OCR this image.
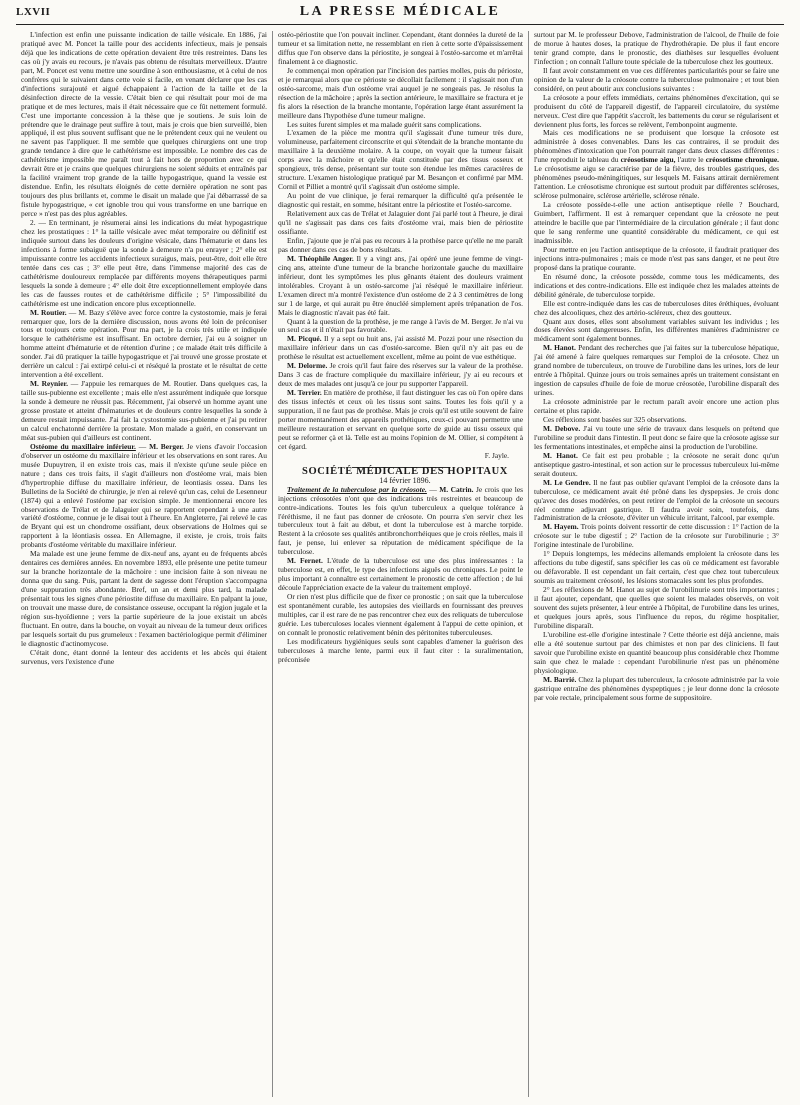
LXVII	LA PRESSE MÉDICALE

L'infection est enfin une puissante indication de taille vésicale. En 1886, j'ai pratiqué avec M. Poncet la taille pour des accidents infectieux, mais je pensais déjà que les indications de cette opération devaient être très restreintes. Dans les cas où j'y avais eu recours, je n'avais pas obtenu de résultats merveilleux. D'autre part, M. Poncet est venu mettre une sourdine à son enthousiasme, et à celui de nos confrères qui le suivaient dans cette voie si facile, en venant déclarer que les cas d'infections surajouté et aigué échappaient à l'action de la taille et de la désinfection directe de la vessie. C'était bien ce qui résultait pour moi de ma pratique et de mes lectures, mais il était nécessaire que ce fût nettement formulé. C'est une importante concession à la thèse que je soutiens. Je suis loin de prétendre que le drainage peut suffire à tout, mais je crois que bien surveillé, bien appliqué, il est plus souvent suffisant que ne le prétendent ceux qui ne veulent ou ne savent pas l'appliquer. Il me semble que quelques chirurgiens ont une trop grande tendance à dire que le cathétérisme est impossible. Le nombre des cas de cathétérisme impossible me paraît tout à fait hors de proportion avec ce qui devrait être et je crains que quelques chirurgiens ne soient séduits et entraînés par la facilité vraiment trop grande de la taille hypogastrique, quand la vessie est distendue. Enfin, les résultats éloignés de cette dernière opération ne sont pas toujours des plus brillants et, comme le disait un malade que j'ai débarrassé de sa fistule hypogastrique, « cet ignoble trou qui vous transforme en une barrique en perce » n'est pas des plus agréables.

2. — En terminant, je résumerai ainsi les indications du méat hypogastrique chez les prostatiques : 1° la taille vésicale avec méat temporaire ou définitif est indiquée surtout dans les douleurs d'origine vésicale, dans l'hématurie et dans les infections à forme subaiguë que la sonde à demeure n'a pu enrayer ; 2° elle est impuissante contre les accidents infectieux suraigus, mais, peut-être, doit elle être tentée dans ces cas ; 3° elle peut être, dans l'immense majorité des cas de cathétérisme douloureux remplacée par différents moyens thérapeutiques parmi lesquels la sonde à demeure ; 4° elle doit être exceptionnellement employée dans les cas de fausses routes et de cathétérisme difficile ; 5° l'impossibilité du cathétérisme est une indication encore plus exceptionnelle.

M. Routier. — M. Bazy s'élève avec force contre la cystostomie, mais je ferai remarquer que, lors de la dernière discussion, nous avons été loin de préconiser tous et toujours cette opération. Pour ma part, je la crois très utile et indiquée lorsque le cathétérisme est insuffisant. En octobre dernier, j'ai eu à soigner un homme atteint d'hématurie et de rétention d'urine ; ce malade était très difficile à sonder. J'ai dû pratiquer la taille hypogastrique et j'ai trouvé une grosse prostate et derrière un calcul : j'ai extirpé celui-ci et réséqué la prostate et le résultat de cette intervention a été excellent.

M. Reynier. — J'appuie les remarques de M. Routier. Dans quelques cas, la taille sus-pubienne est excellente ; mais elle n'est assurément indiquée que lorsque la sonde à demeure ne réussit pas. Récemment, j'ai observé un homme ayant une grosse prostate et atteint d'hématuries et de douleurs contre lesquelles la sonde à demeure restait impuissante. J'ai fait la cystostomie sus-pubienne et j'ai pu retirer un calcul enchatonné derrière la prostate. Mon malade a guéri, en conservant un méat sus-pubien qui d'ailleurs est continent.

Ostéome du maxillaire inférieur. — M. Berger. Je viens d'avoir l'occasion d'observer un ostéome du maxillaire inférieur et les observations en sont rares. Au musée Dupuytren, il en existe trois cas, mais il n'existe qu'une seule pièce en nature ; dans ces trois faits, il s'agit d'ailleurs non d'ostéome vrai, mais bien d'hypertrophie diffuse du maxillaire inférieur, de leontiasis ossea. Dans les Bulletins de la Société de chirurgie, je n'en ai relevé qu'un cas, celui de Lesenneur (1874) qui a enlevé l'ostéome par excision simple. Je mentionnerai encore les observations de Trélat et de Jalaguier qui se rapportent cependant à une autre variété d'ostéome, connue je le disai tout à l'heure. En Angleterre, j'ai relevé le cas de Bryant qui est un chondrome ossifiant, deux observations de Holmes qui se rapportent à la léontiasis ossea. En Allemagne, il existe, je crois, trois faits probants d'ostéome véritable du maxillaire inférieur.

Ma malade est une jeune femme de dix-neuf ans, ayant eu de fréquents abcès dentaires ces dernières années. En novembre 1893, elle présente une petite tumeur sur la branche horizontale de la mâchoire : une incision faite à son niveau ne donna que du sang. Puis, partant la dent de sagesse dont l'éruption s'accompagna d'une suppuration très abondante. Bref, un an et demi plus tard, la malade présentait tous les signes d'une périostite diffuse du maxillaire. En palpant la joue, on trouvait une masse dure, de consistance osseuse, occupant la région jugale et la région sus-hyoïdienne ; vers la partie supérieure de la joue existait un abcès fluctuant. En outre, dans la bouche, on voyait au niveau de la tumeur deux orifices par lesquels sortait du pus grumeleux : l'examen bactériologique permit d'éliminer le diagnostic d'actinomycose.

C'était donc, étant donné la lenteur des accidents et les abcès qui étaient survenus, vers l'existence d'une

ostéo-périostite que l'on pouvait incliner. Cependant, étant données la dureté de la tumeur et sa limitation nette, ne ressemblant en rien à cette sorte d'épaississement diffus que l'on observe dans la périostite, je songeai à l'ostéo-sarcome et m'arrêtai finalement à ce diagnostic.

Je commençai mon opération par l'incision des parties molles, puis du périoste, et je remarquai alors que ce périoste se décollait facilement : il s'agissait non d'un ostéo-sarcome, mais d'un ostéome vrai auquel je ne songeais pas. Je résolus la résection de la mâchoire ; après la section antérieure, le maxillaire se fractura et je fis alors la résection de la branche montante, l'opération large étant assurément la meilleure dans l'hypothèse d'une tumeur maligne.

Les suites furent simples et ma malade guérit sans complications.

L'examen de la pièce me montra qu'il s'agissait d'une tumeur très dure, volumineuse, parfaitement circonscrite et qui s'étendait de la branche montante du maxillaire à la deuxième molaire. A la coupe, on voyait que la tumeur faisait corps avec la mâchoire et qu'elle était constituée par des tissus osseux et spongieux, très dense, présentant sur toute son étendue les mêmes caractères de structure. L'examen histologique pratiqué par M. Besançon et confirmé par MM. Cornil et Pilliet a montré qu'il s'agissait d'un ostéome simple.

Au point de vue clinique, je ferai remarquer la difficulté qu'a présentée le diagnostic qui restait, en somme, hésitant entre la périostite et l'ostéo-sarcome.

Relativement aux cas de Trélat et Jalaguier dont j'ai parlé tout à l'heure, je dirai qu'il ne s'agissait pas dans ces faits d'ostéome vrai, mais bien de périostite ossifiante.

Enfin, j'ajoute que je n'ai pas eu recours à la prothèse parce qu'elle ne me paraît pas donner dans ces cas de bons résultats.

M. Théophile Anger. Il y a vingt ans, j'ai opéré une jeune femme de vingt-cinq ans, atteinte d'une tumeur de la branche horizontale gauche du maxillaire inférieur, dont les symptômes les plus gênants étaient des douleurs vraiment intolérables. Croyant à un ostéo-sarcome j'ai réséqué le maxillaire inférieur. L'examen direct m'a montré l'existence d'un ostéome de 2 à 3 centimètres de long sur 1 de large, et qui aurait pu être énucléé simplement après trépanation de l'os. Mais le diagnostic n'avait pas été fait.

Quant à la question de la prothèse, je me range à l'avis de M. Berger. Je n'ai vu un seul cas et il n'était pas favorable.

M. Picqué. Il y a sept ou huit ans, j'ai assisté M. Pozzi pour une résection du maxillaire inférieur dans un cas d'ostéo-sarcome. Bien qu'il n'y ait pas eu de prothèse le résultat est actuellement excellent, même au point de vue esthétique.

M. Delorme. Je crois qu'il faut faire des réserves sur la valeur de la prothèse. Dans 3 cas de fracture compliquée du maxillaire inférieur, j'y ai eu recours et deux de mes malades ont jusqu'à ce jour pu supporter l'appareil.

M. Terrier. En matière de prothèse, il faut distinguer les cas où l'on opère dans des tissus infectés et ceux où les tissus sont sains. Toutes les fois qu'il y a suppuration, il ne faut pas de prothèse. Mais je crois qu'il est utile souvent de faire porter momentanément des appareils prothétiques, ceux-ci pouvant permettre une meilleure restauration et servant en quelque sorte de guide au tissu osseux qui peut se reformer çà et là. Telle est au moins l'opinion de M. Ollier, si compétent à cet égard.

F. Jayle.

SOCIÉTÉ MÉDICALE DES HOPITAUX

14 février 1896.

Traitement de la tuberculose par la créosote. — M. Catrin. Je crois que les injections créosotées n'ont que des indications très restreintes et beaucoup de contre-indications. Toutes les fois qu'un tuberculeux a quelque tolérance à l'éréthisme, il ne faut pas donner de créosote. On pourra s'en servir chez les tuberculeux tout à fait au début, et dont la tuberculose est à marche torpide. Restent à la créosote ses qualités antibronchorrhéiques que je crois réelles, mais il faut, je pense, lui enlever sa réputation de médicament spécifique de la tuberculose.

M. Fernet. L'étude de la tuberculose est une des plus intéressantes : la tuberculose est, en effet, le type des infections aiguës ou chroniques. Le point le plus important à connaître est certainement le pronostic de cette affection ; de lui découle l'appréciation exacte de la valeur du traitement employé.

Or rien n'est plus difficile que de fixer ce pronostic ; on sait que la tuberculose est spontanément curable, les autopsies des vieillards en fournissant des preuves multiples, car il est rare de ne pas rencontrer chez eux des reliquats de tuberculose guérie. Les tuberculoses locales viennent également à l'appui de cette opinion, et on connaît le pronostic relativement bénin des péritonites tuberculeuses.

Les modificateurs hygiéniques seuls sont capables d'amener la guérison des tuberculoses à marche lente, parmi eux il faut citer : la suralimentation, préconisée

surtout par M. le professeur Debove, l'administration de l'alcool, de l'huile de foie de morue à hautes doses, la pratique de l'hydrothérapie. De plus il faut encore tenir grand compte, dans le pronostic, des diathèses sur lesquelles évoluent l'infection ; on connaît l'allure toute spéciale de la tuberculose chez les goutteux.

Il faut avoir constamment en vue ces différentes particularités pour se faire une opinion de la valeur de la créosote contre la tuberculose pulmonaire ; et tout bien considéré, on peut aboutir aux conclusions suivantes :

La créosote a pour effets immédiats, certains phénomènes d'excitation, qui se produisent du côté de l'appareil digestif, de l'appareil circulatoire, du système nerveux. C'est dire que l'appétit s'accroît, les battements du cœur se régularisent et deviennent plus forts, les forces se relèvent, l'embonpoint augmente.

Mais ces modifications ne se produisent que lorsque la créosote est administrée à doses convenables. Dans les cas contraires, il se produit des phénomènes d'intoxication que l'on pourrait ranger dans deux classes différentes : l'une reproduit le tableau du créosotisme aigu, l'autre le créosotisme chronique. Le créosotisme aigu se caractérise par de la fièvre, des troubles gastriques, des phénomènes pseudo-méningitiques, sur lesquels M. Faisans attirait dernièrement l'attention. Le créosotisme chronique est surtout produit par différentes scléroses, sclérose pulmonaire, sclérose artérielle, sclérose rénale.

La créosote possède-t-elle une action antiseptique réelle ? Bouchard, Guimbert, l'affirment. Il est à remarquer cependant que la créosote ne peut atteindre le bacille que par l'intermédiaire de la circulation générale ; il faut donc que le sang renferme une quantité considérable du médicament, ce qui est inadmissible.

Pour mettre en jeu l'action antiseptique de la créosote, il faudrait pratiquer des injections intra-pulmonaires ; mais ce mode n'est pas sans danger, et ne peut être proposé dans la pratique courante.

En résumé donc, la créosote possède, comme tous les médicaments, des indications et des contre-indications. Elle est indiquée chez les malades atteints de débilité générale, de tuberculose torpide.

Elle est contre-indiquée dans les cas de tuberculoses dites éréthiques, évoluant chez des alcooliques, chez des artério-scléreux, chez des goutteux.

Quant aux doses, elles sont absolument variables suivant les individus ; les doses élevées sont dangereuses. Enfin, les différentes manières d'administrer ce médicament sont également bonnes.

M. Hanot. Pendant des recherches que j'ai faites sur la tuberculose hépatique, j'ai été amené à faire quelques remarques sur l'emploi de la créosote. Chez un grand nombre de tuberculeux, on trouve de l'urobiline dans les urines, lors de leur entrée à l'hôpital. Quinze jours ou trois semaines après un traitement consistant en ingestion de capsules d'huile de foie de morue créosotée, l'urobiline disparaît des urines.

La créosote administrée par le rectum paraît avoir encore une action plus certaine et plus rapide.

Ces réflexions sont basées sur 325 observations.

M. Debove. J'ai vu toute une série de travaux dans lesquels on prétend que l'urobiline se produit dans l'intestin. Il peut donc se faire que la créosote agisse sur les fermentations intestinales, et empêche ainsi la production de l'urobiline.

M. Hanot. Ce fait est peu probable ; la créosote ne serait donc qu'un antiseptique gastro-intestinal, et son action sur le processus tuberculeux lui-même serait douteux.

M. Le Gendre. Il ne faut pas oublier qu'avant l'emploi de la créosote dans la tuberculose, ce médicament avait été prôné dans les dyspepsies. Je crois donc qu'avec des doses modérées, on peut retirer de l'emploi de la créosote un secours réel comme adjuvant gastrique. Il faudra avoir soin, toutefois, dans l'administration de la créosote, d'éviter un véhicule irritant, l'alcool, par exemple.

M. Hayem. Trois points doivent ressortir de cette discussion : 1° l'action de la créosote sur le tube digestif ; 2° l'action de la créosote sur l'urobilinurie ; 3° l'origine intestinale de l'urobiline.

1° Depuis longtemps, les médecins allemands emploient la créosote dans les affections du tube digestif, sans spécifier les cas où ce médicament est favorable ou défavorable. Il est cependant un fait certain, c'est que chez tout tuberculeux soumis au traitement créosoté, les lésions stomacales sont les plus profondes.

2° Les réflexions de M. Hanot au sujet de l'urobilinurie sont très importantes ; il faut ajouter, cependant, que quelles que soient les malades observés, on voit souvent des sujets présenter, à leur entrée à l'hôpital, de l'urobiline dans les urines, et quelques jours après, sous l'influence du repos, du régime hospitalier, l'urobiline disparaît.

L'urobiline est-elle d'origine intestinale ? Cette théorie est déjà ancienne, mais elle a été soutenue surtout par des chimistes et non par des cliniciens. Il faut savoir que l'urobiline existe en quantité beaucoup plus considérable chez l'homme sain que chez le malade : cependant l'urobilinurie n'est pas un phénomène physiologique.

M. Barrié. Chez la plupart des tuberculeux, la créosote administrée par la voie gastrique entraîne des phénomènes dyspeptiques ; je leur donne donc la créosote par voie rectale, principalement sous forme de suppositoire.
